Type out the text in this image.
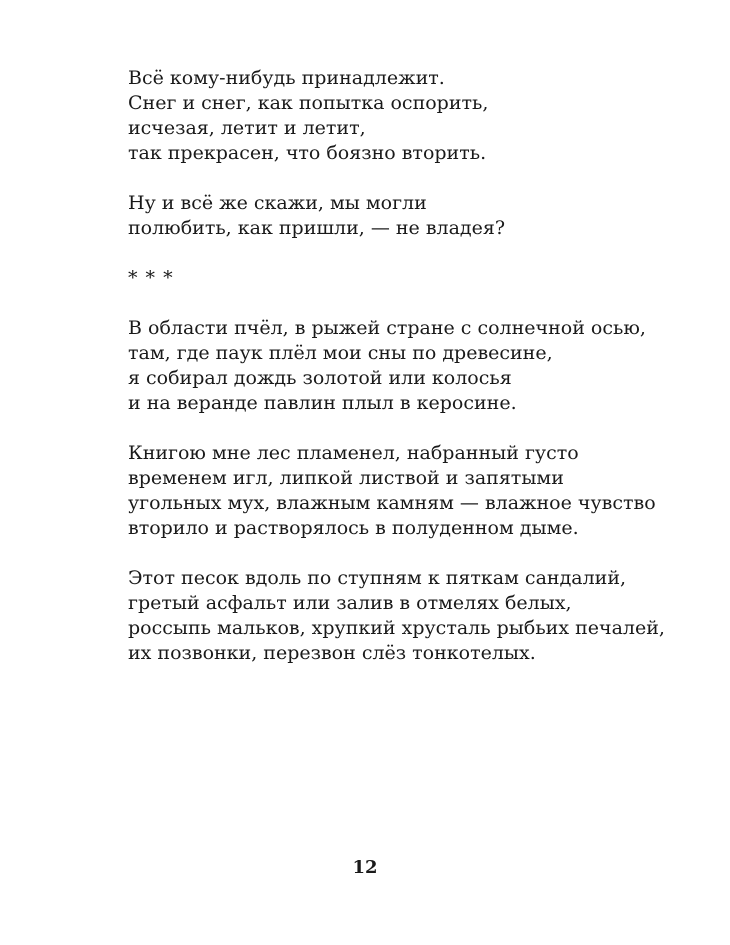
Всё кому-нибудь принадлежит.
Снег и снег, как попытка оспорить,
исчезая, летит и летит,
так прекрасен, что боязно вторить.
Ну и всё же скажи, мы могли
полюбить, как пришли, — не владея?
* * *
В области пчёл, в рыжей стране с солнечной осью,
там, где паук плёл мои сны по древесине,
я собирал дождь золотой или колосья
и на веранде павлин плыл в керосине.
Книгою мне лес пламенел, набранный густо
временем игл, липкой листвой и запятыми
угольных мух, влажным камням — влажное чувство
вторило и растворялось в полуденном дыме.
Этот песок вдоль по ступням к пяткам сандалий,
гретый асфальт или залив в отмелях белых,
россыпь мальков, хрупкий хрусталь рыбьих печалей,
их позвонки, перезвон слёз тонкотелых.
12
